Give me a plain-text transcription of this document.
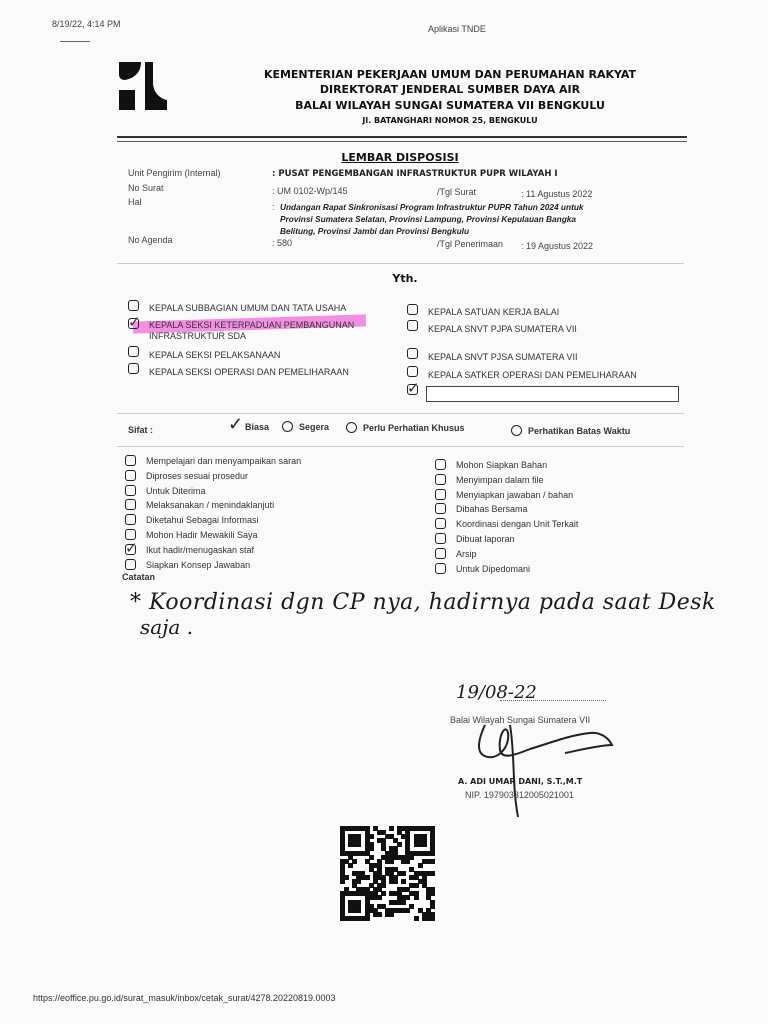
8/19/22, 4:14 PM	Aplikasi TNDE
KEMENTERIAN PEKERJAAN UMUM DAN PERUMAHAN RAKYAT
DIREKTORAT JENDERAL SUMBER DAYA AIR
BALAI WILAYAH SUNGAI SUMATERA VII BENGKULU
Jl. BATANGHARI NOMOR 25, BENGKULU
LEMBAR DISPOSISI
Unit Pengirim (Internal)	: PUSAT PENGEMBANGAN INFRASTRUKTUR PUPR WILAYAH I
No Surat	: UM 0102-Wp/145	/Tgl Surat	: 11 Agustus 2022
Hal	: Undangan Rapat Sinkronisasi Program Infrastruktur PUPR Tahun 2024 untuk
Provinsi Sumatera Selatan, Provinsi Lampung, Provinsi Kepulauan Bangka
Belitung, Provinsi Jambi dan Provinsi Bengkulu
No Agenda	: 580	/Tgl Penerimaan : 19 Agustus 2022
Yth.
KEPALA SUBBAGIAN UMUM DAN TATA USAHA
✓ KEPALA SEKSI KETERPADUAN PEMBANGUNAN
INFRASTRUKTUR SDA
KEPALA SEKSI PELAKSANAAN
KEPALA SEKSI OPERASI DAN PEMELIHARAAN
KEPALA SATUAN KERJA BALAI
KEPALA SNVT PJPA SUMATERA VII
KEPALA SNVT PJSA SUMATERA VII
KEPALA SATKER OPERASI DAN PEMELIHARAAN
✓
Sifat :	✓ Biasa	Segera	Perlu Perhatian Khusus	Perhatikan Batas Waktu
Mempelajari dan menyampaikan saran
Diproses sesuai prosedur
Untuk Diterima
Melaksanakan / menindaklanjuti
Diketahui Sebagai Informasi
Mohon Hadir Mewakili Saya
✓ Ikut hadir/menugaskan staf
Siapkan Konsep Jawaban
Mohon Siapkan Bahan
Menyimpan dalam file
Menyiapkan jawaban / bahan
Dibahas Bersama
Koordinasi dengan Unit Terkait
Dibuat laporan
Arsip
Untuk Dipedomani
Catatan
* Koordinasi dgn CP nya, hadirnya pada saat Desk
saja .
19/08-22
Balai Wilayah Sungai Sumatera VII
A. ADI UMAR DANI, S.T.,M.T
NIP. 197903312005021001
https://eoffice.pu.go.id/surat_masuk/inbox/cetak_surat/4278.20220819.0003
